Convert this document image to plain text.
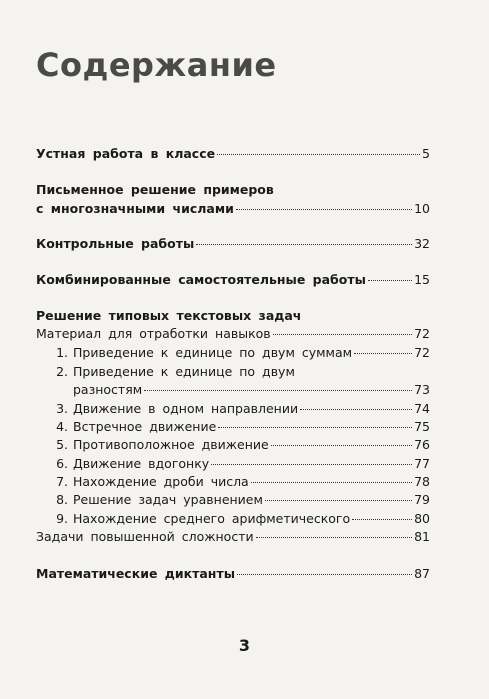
Содержание
Устная работа в классе	5
Письменное решение примеров
с многозначными числами	10
Контрольные работы	32
Комбинированные самостоятельные работы	15
Решение типовых текстовых задач
Материал для отработки навыков	72
1. Приведение к единице по двум суммам	72
2. Приведение к единице по двум
разностям	73
3. Движение в одном направлении	74
4. Встречное движение	75
5. Противоположное движение	76
6. Движение вдогонку	77
7. Нахождение дроби числа	78
8. Решение задач уравнением	79
9. Нахождение среднего арифметического	80
Задачи повышенной сложности	81
Математические диктанты	87
3
